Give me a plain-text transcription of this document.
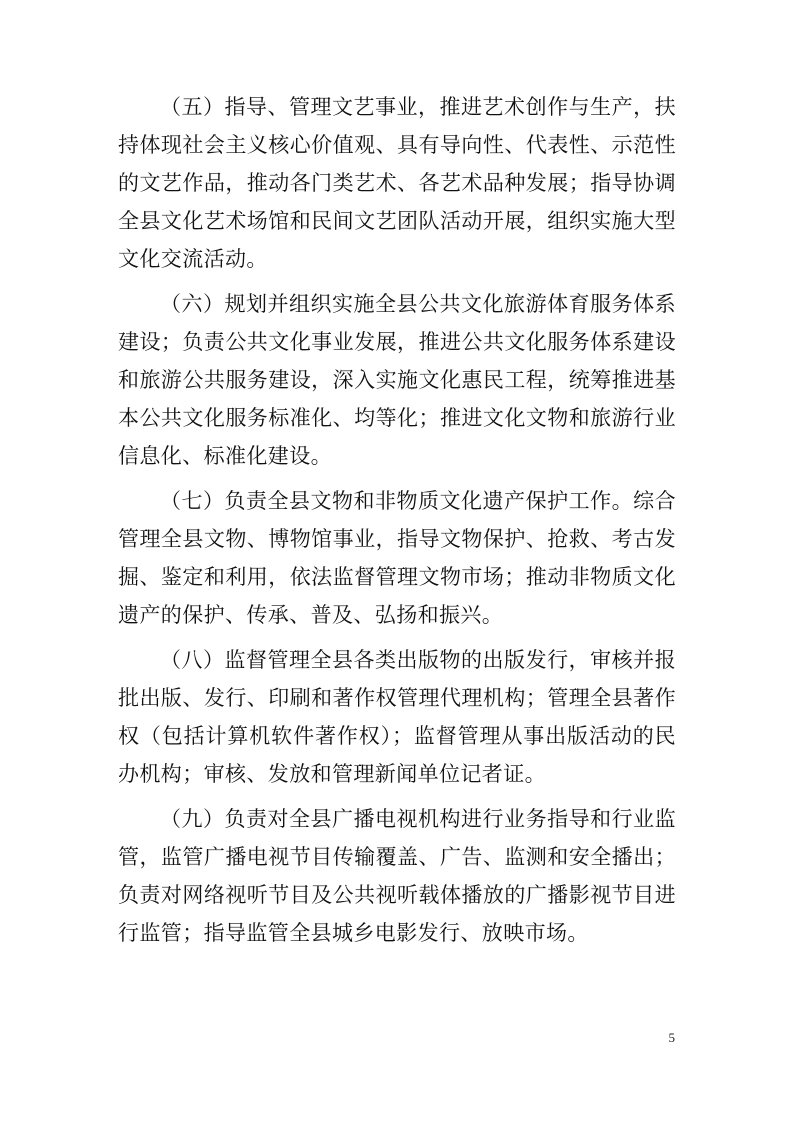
（五）指导、管理文艺事业，推进艺术创作与生产，扶持体现社会主义核心价值观、具有导向性、代表性、示范性的文艺作品，推动各门类艺术、各艺术品种发展；指导协调全县文化艺术场馆和民间文艺团队活动开展，组织实施大型文化交流活动。

（六）规划并组织实施全县公共文化旅游体育服务体系建设；负责公共文化事业发展，推进公共文化服务体系建设和旅游公共服务建设，深入实施文化惠民工程，统筹推进基本公共文化服务标准化、均等化；推进文化文物和旅游行业信息化、标准化建设。

（七）负责全县文物和非物质文化遗产保护工作。综合管理全县文物、博物馆事业，指导文物保护、抢救、考古发掘、鉴定和利用，依法监督管理文物市场；推动非物质文化遗产的保护、传承、普及、弘扬和振兴。

（八）监督管理全县各类出版物的出版发行，审核并报批出版、发行、印刷和著作权管理代理机构；管理全县著作权（包括计算机软件著作权）；监督管理从事出版活动的民办机构；审核、发放和管理新闻单位记者证。

（九）负责对全县广播电视机构进行业务指导和行业监管，监管广播电视节目传输覆盖、广告、监测和安全播出；负责对网络视听节目及公共视听载体播放的广播影视节目进行监管；指导监管全县城乡电影发行、放映市场。

5
